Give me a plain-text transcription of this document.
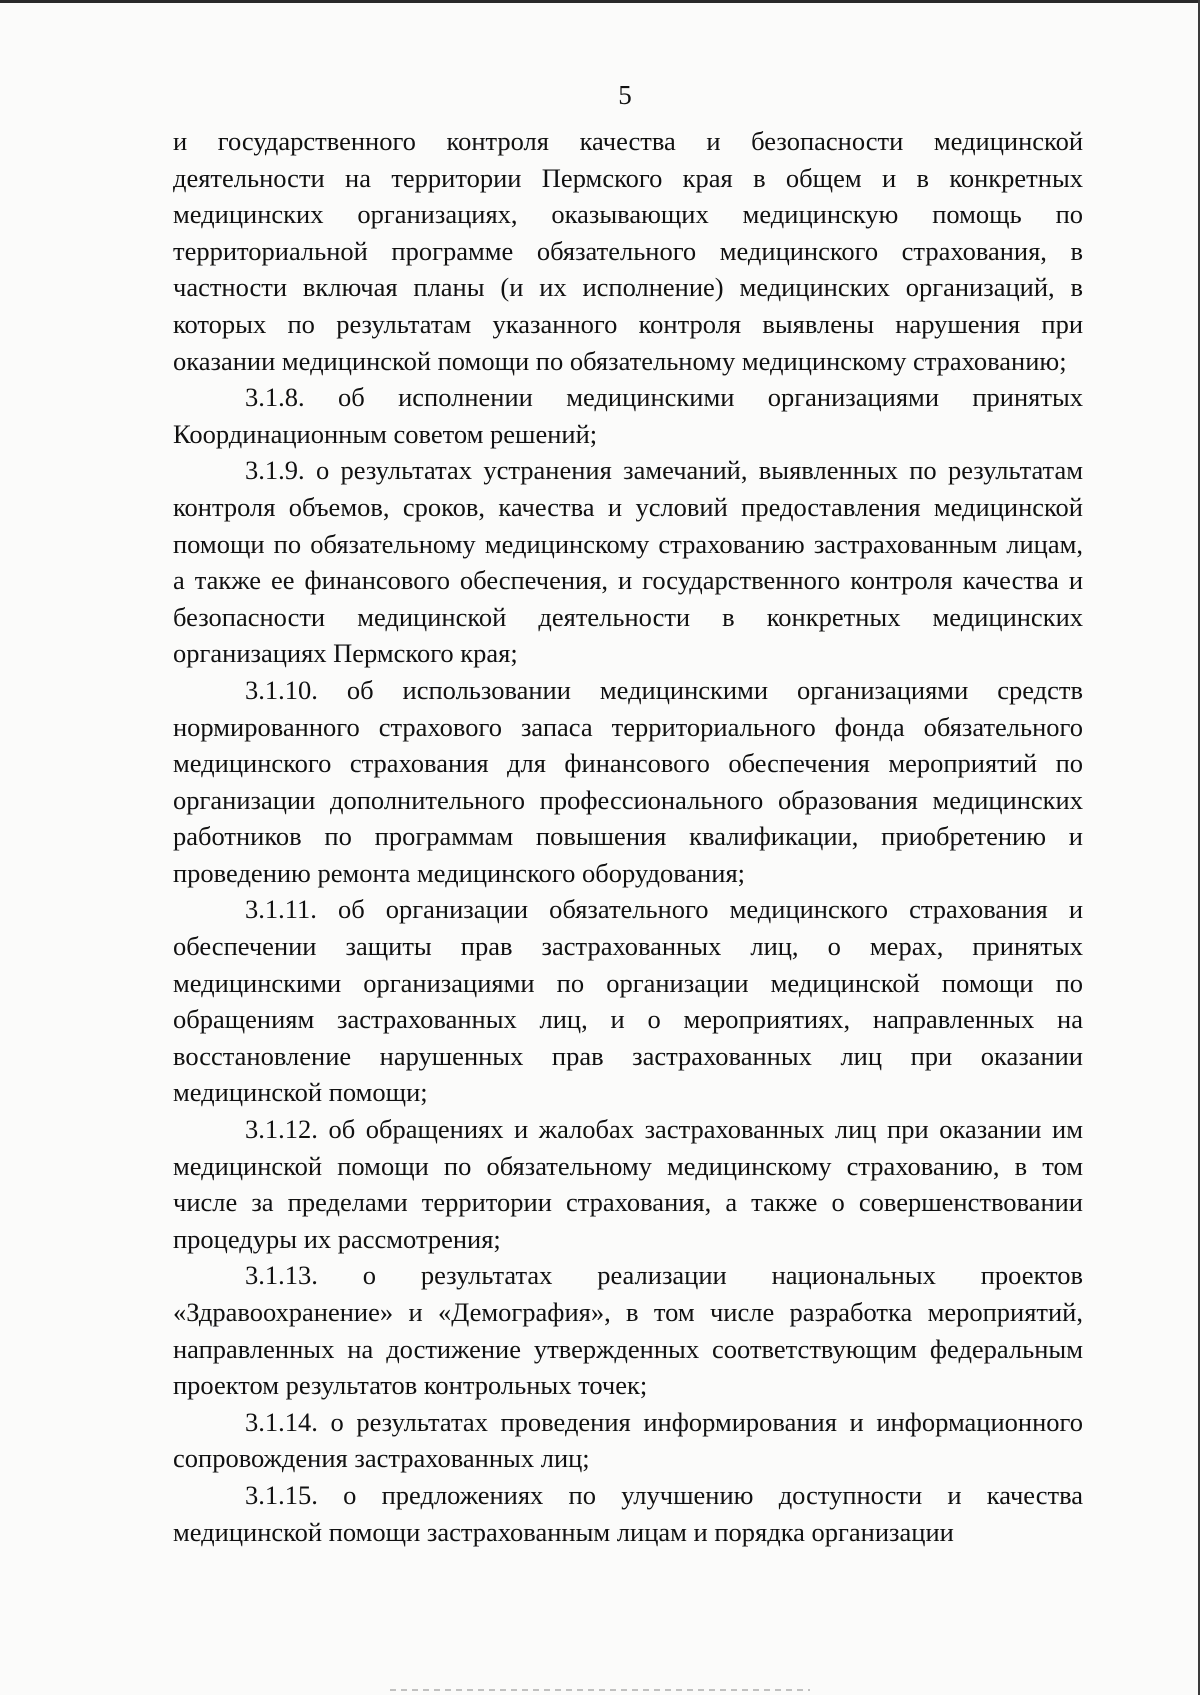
5

и государственного контроля качества и безопасности медицинской деятельности на территории Пермского края в общем и в конкретных медицинских организациях, оказывающих медицинскую помощь по территориальной программе обязательного медицинского страхования, в частности включая планы (и их исполнение) медицинских организаций, в которых по результатам указанного контроля выявлены нарушения при оказании медицинской помощи по обязательному медицинскому страхованию;

3.1.8. об исполнении медицинскими организациями принятых Координационным советом решений;

3.1.9. о результатах устранения замечаний, выявленных по результатам контроля объемов, сроков, качества и условий предоставления медицинской помощи по обязательному медицинскому страхованию застрахованным лицам, а также ее финансового обеспечения, и государственного контроля качества и безопасности медицинской деятельности в конкретных медицинских организациях Пермского края;

3.1.10. об использовании медицинскими организациями средств нормированного страхового запаса территориального фонда обязательного медицинского страхования для финансового обеспечения мероприятий по организации дополнительного профессионального образования медицинских работников по программам повышения квалификации, приобретению и проведению ремонта медицинского оборудования;

3.1.11. об организации обязательного медицинского страхования и обеспечении защиты прав застрахованных лиц, о мерах, принятых медицинскими организациями по организации медицинской помощи по обращениям застрахованных лиц, и о мероприятиях, направленных на восстановление нарушенных прав застрахованных лиц при оказании медицинской помощи;

3.1.12. об обращениях и жалобах застрахованных лиц при оказании им медицинской помощи по обязательному медицинскому страхованию, в том числе за пределами территории страхования, а также о совершенствовании процедуры их рассмотрения;

3.1.13. о результатах реализации национальных проектов «Здравоохранение» и «Демография», в том числе разработка мероприятий, направленных на достижение утвержденных соответствующим федеральным проектом результатов контрольных точек;

3.1.14. о результатах проведения информирования и информационного сопровождения застрахованных лиц;

3.1.15. о предложениях по улучшению доступности и качества медицинской помощи застрахованным лицам и порядка организации
